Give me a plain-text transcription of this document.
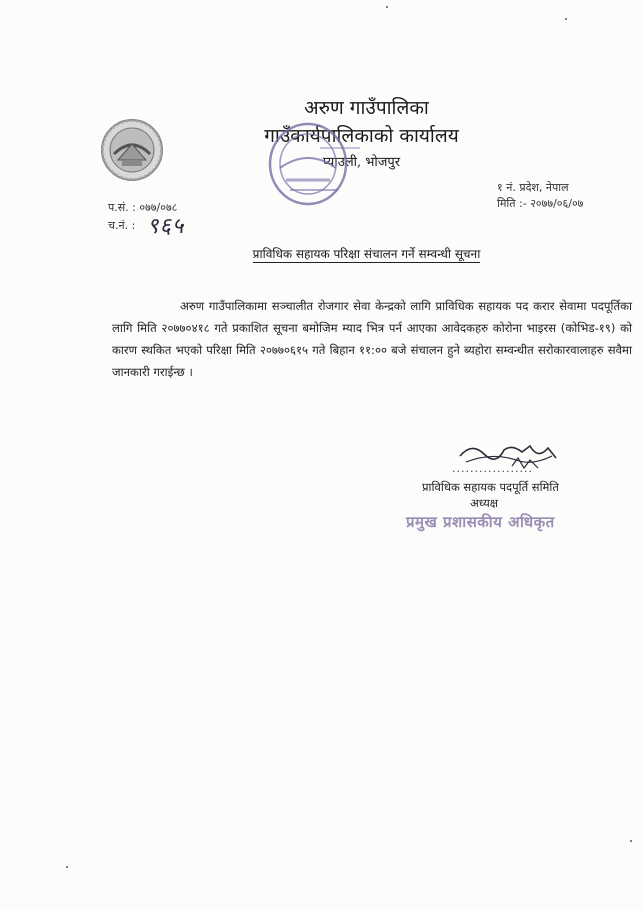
अरुण गाउँपालिका
गाउँकार्यपालिकाको कार्यालय
प्याउली, भोजपुर
१ नं. प्रदेश, नेपाल
मिति :- २०७७/०६/०७
प.सं. : ०७७/०७८
च.नं. : ९६५
प्राविधिक सहायक परिक्षा संचालन गर्ने सम्वन्धी सूचना
अरुण गाउँपालिकामा सञ्चालीत रोजगार सेवा केन्द्रको लागि प्राविधिक सहायक पद करार सेवामा पदपूर्तिका लागि मिति २०७७०४१८ गते प्रकाशित सूचना बमोजिम म्याद भित्र पर्न आएका आवेदकहरु कोरोना भाइरस (कोभिड-१९) को कारण स्थकित भएको परिक्षा मिति २०७७०६१५ गते बिहान ११:०० बजे संचालन हुने ब्यहोरा सम्वन्धीत सरोकारवालाहरु सवैमा जानकारी गराईन्छ ।
..................
प्राविधिक सहायक पदपूर्ति समिति
अध्यक्ष
प्रमुख प्रशासकीय अधिकृत
